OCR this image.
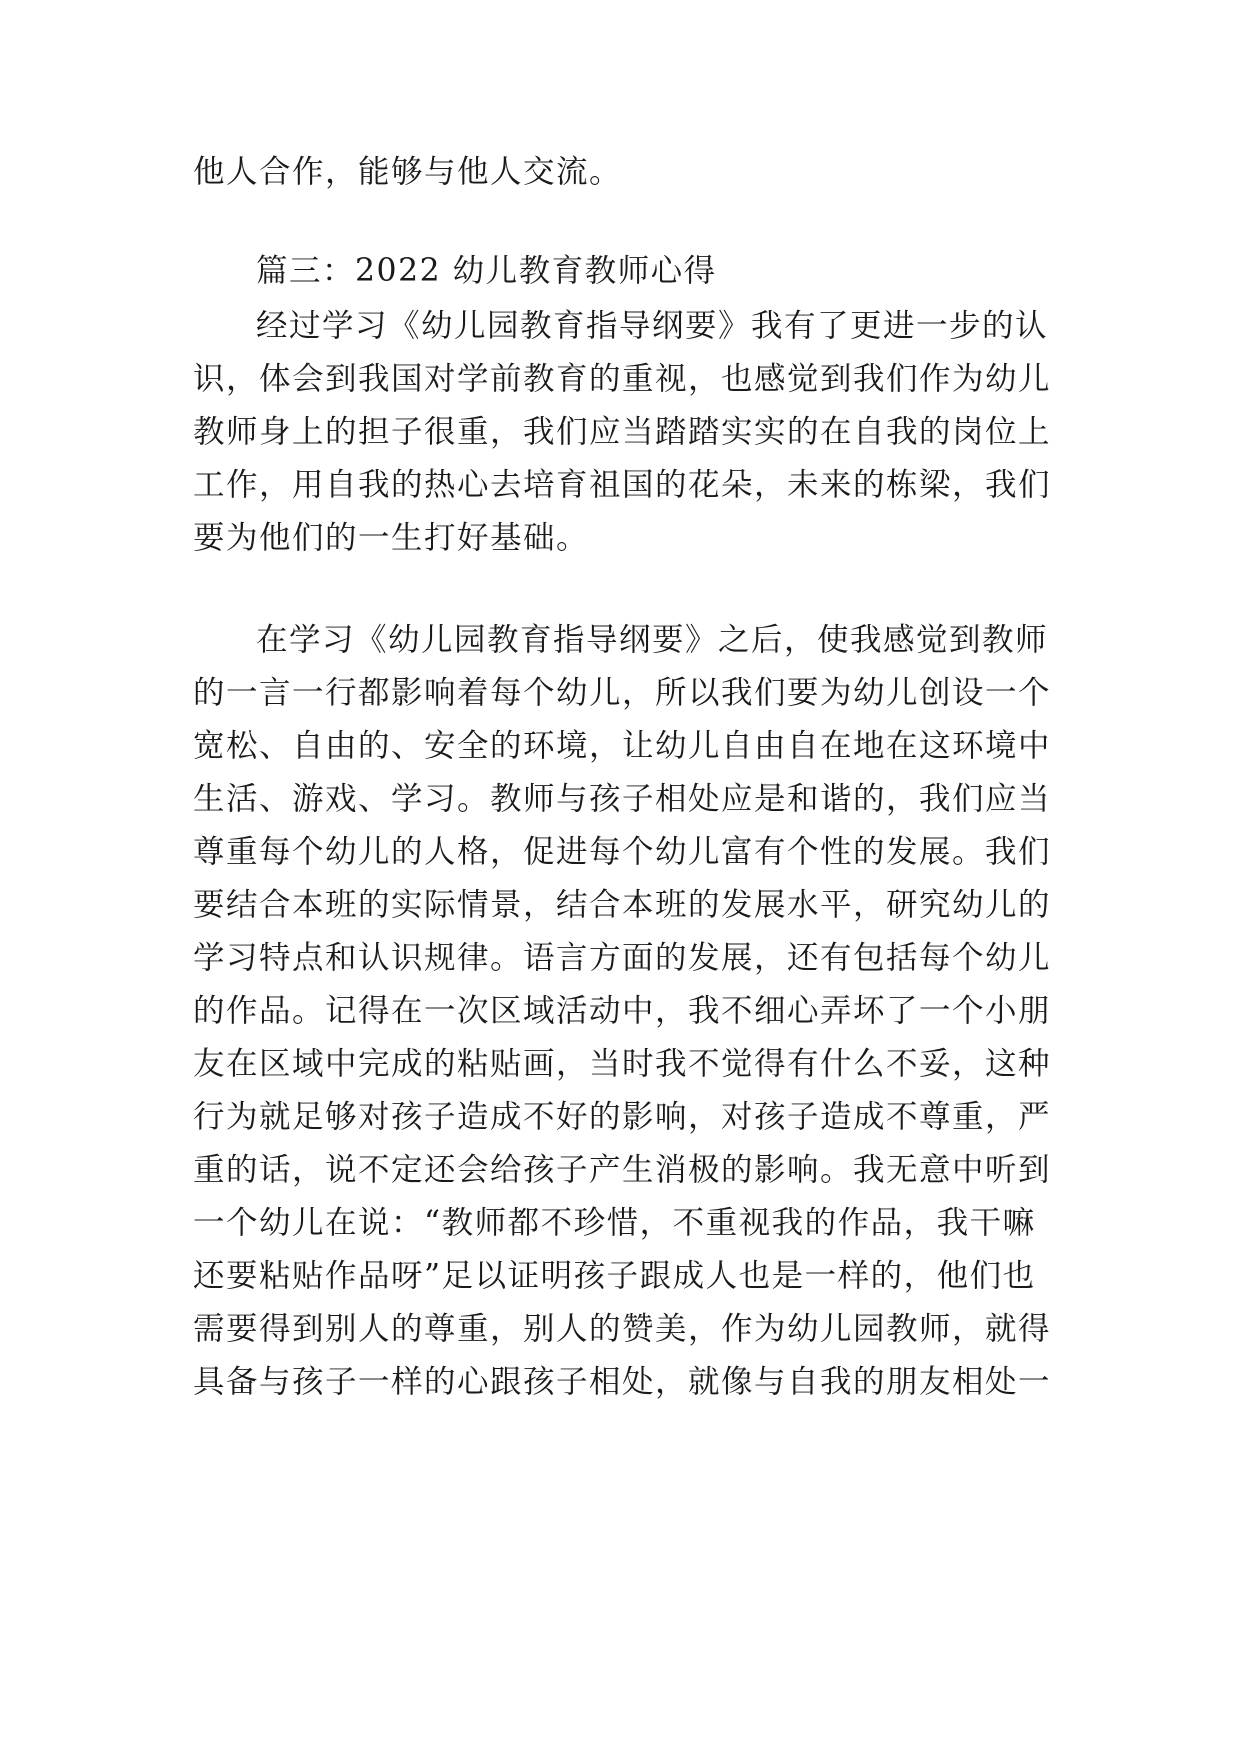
他人合作，能够与他人交流。
篇三：2022 幼儿教育教师心得
经过学习《幼儿园教育指导纲要》我有了更进一步的认
识，体会到我国对学前教育的重视，也感觉到我们作为幼儿
教师身上的担子很重，我们应当踏踏实实的在自我的岗位上
工作，用自我的热心去培育祖国的花朵，未来的栋梁，我们
要为他们的一生打好基础。
在学习《幼儿园教育指导纲要》之后，使我感觉到教师
的一言一行都影响着每个幼儿，所以我们要为幼儿创设一个
宽松、自由的、安全的环境，让幼儿自由自在地在这环境中
生活、游戏、学习。教师与孩子相处应是和谐的，我们应当
尊重每个幼儿的人格，促进每个幼儿富有个性的发展。我们
要结合本班的实际情景，结合本班的发展水平，研究幼儿的
学习特点和认识规律。语言方面的发展，还有包括每个幼儿
的作品。记得在一次区域活动中，我不细心弄坏了一个小朋
友在区域中完成的粘贴画，当时我不觉得有什么不妥，这种
行为就足够对孩子造成不好的影响，对孩子造成不尊重，严
重的话，说不定还会给孩子产生消极的影响。我无意中听到
一个幼儿在说：“教师都不珍惜，不重视我的作品，我干嘛
还要粘贴作品呀”足以证明孩子跟成人也是一样的，他们也
需要得到别人的尊重，别人的赞美，作为幼儿园教师，就得
具备与孩子一样的心跟孩子相处，就像与自我的朋友相处一
